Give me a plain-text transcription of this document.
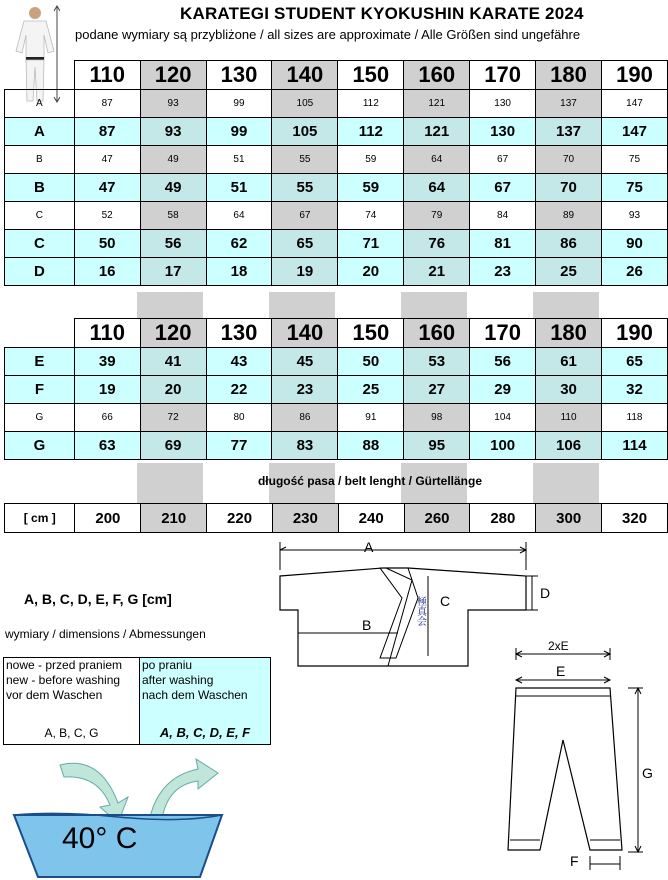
KARATEGI STUDENT KYOKUSHIN KARATE 2024
podane wymiary są przybliżone / all sizes are approximate / Alle Größen sind ungefähre
	110	120	130	140	150	160	170	180	190
A	87	93	99	105	112	121	130	137	147
A	87	93	99	105	112	121	130	137	147
B	47	49	51	55	59	64	67	70	75
B	47	49	51	55	59	64	67	70	75
C	52	58	64	67	74	79	84	89	93
C	50	56	62	65	71	76	81	86	90
D	16	17	18	19	20	21	23	25	26
	110	120	130	140	150	160	170	180	190
E	39	41	43	45	50	53	56	61	65
F	19	20	22	23	25	27	29	30	32
G	66	72	80	86	91	98	104	110	118
G	63	69	77	83	88	95	100	106	114
długość pasa / belt lenght / Gürtellänge
[ cm ]	200	210	220	230	240	260	280	300	320
A, B, C, D, E, F, G [cm]
wymiary / dimensions / Abmessungen
nowe - przed praniem
new - before washing
vor dem Waschen
A, B, C, G
po praniu
after washing
nach dem Waschen
A, B, C, D, E, F
40° C
A
B
C	D
極真会
2xE
E
G
F
